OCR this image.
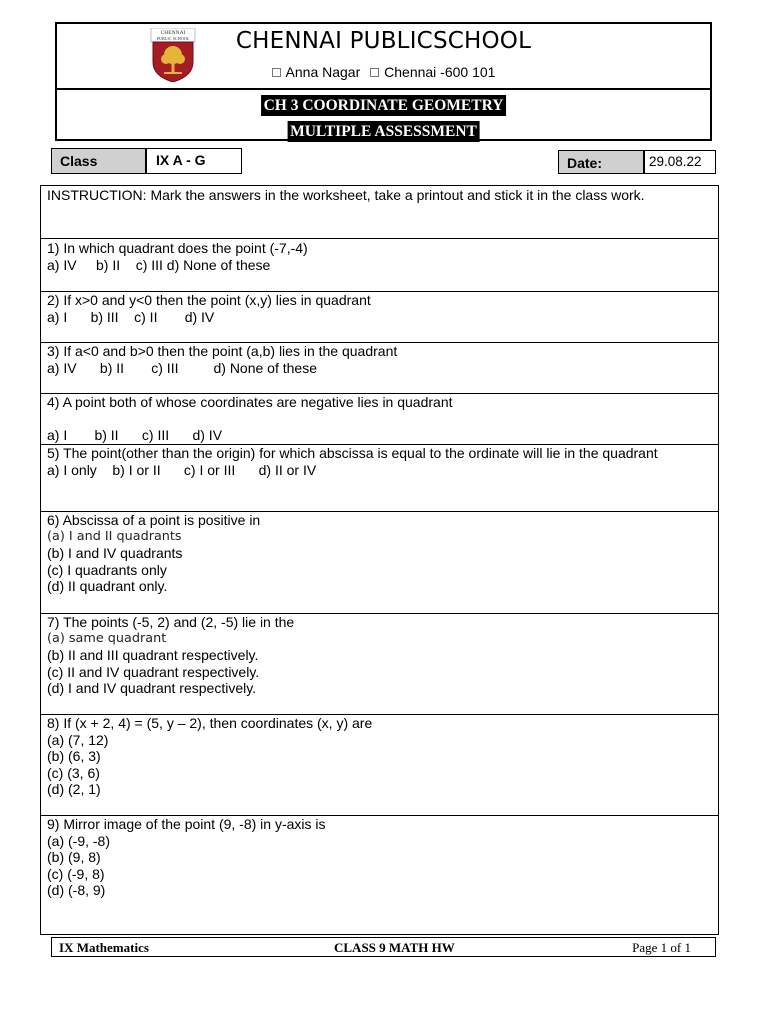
CHENNAI
PUBLIC SCHOOL	CHENNAI PUBLICSCHOOL
Anna Nagar Chennai -600 101
CH 3 COORDINATE GEOMETRY
MULTIPLE ASSESSMENT
Class	IX A - G	Date:	29.08.22
INSTRUCTION: Mark the answers in the worksheet, take a printout and stick it in the class work.
1) In which quadrant does the point (-7,-4)
a) IV     b) II    c) III d) None of these
2) If x>0 and y<0 then the point (x,y) lies in quadrant
a) I      b) III    c) II       d) IV
3) If a<0 and b>0 then the point (a,b) lies in the quadrant
a) IV      b) II       c) III         d) None of these
4) A point both of whose coordinates are negative lies in quadrant
a) I       b) II      c) III      d) IV
5) The point(other than the origin) for which abscissa is equal to the ordinate will lie in the quadrant
a) I only    b) I or II      c) I or III      d) II or IV
6) Abscissa of a point is positive in
(a) I and II quadrants
(b) I and IV quadrants
(c) I quadrants only
(d) II quadrant only.
7) The points (-5, 2) and (2, -5) lie in the
(a) same quadrant
(b) II and III quadrant respectively.
(c) II and IV quadrant respectively.
(d) I and IV quadrant respectively.
8) If (x + 2, 4) = (5, y – 2), then coordinates (x, y) are
(a) (7, 12)
(b) (6, 3)
(c) (3, 6)
(d) (2, 1)
9) Mirror image of the point (9, -8) in y-axis is
(a) (-9, -8)
(b) (9, 8)
(c) (-9, 8)
(d) (-8, 9)
IX Mathematics	CLASS 9 MATH HW	Page 1 of 1
